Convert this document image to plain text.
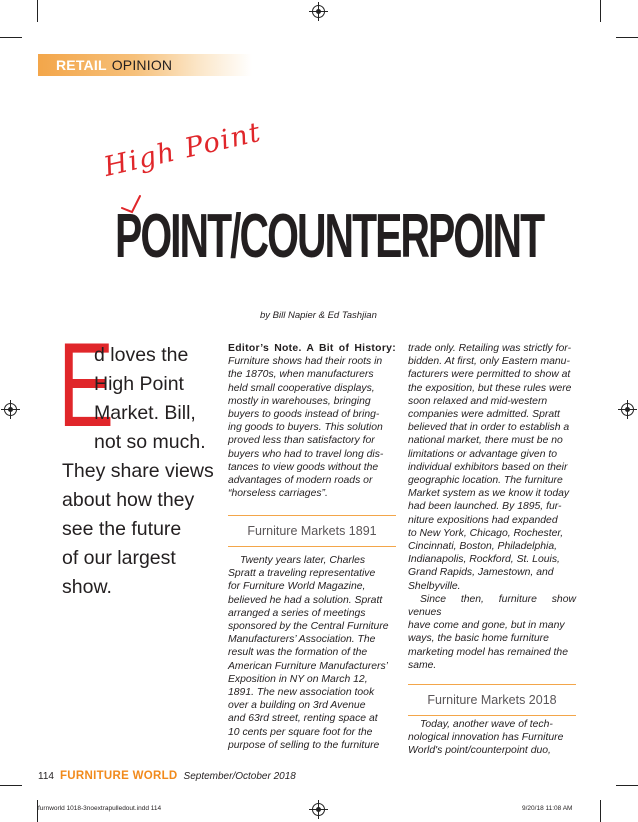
RETAIL OPINION
High Point
POINT/COUNTERPOINT
by Bill Napier & Ed Tashjian
E
d loves the
High Point
Market. Bill,
not so much.
They share views
about how they
see the future
of our largest
show.

Editor’s Note. A Bit of History: Furniture shows had their roots in
the 1870s, when manufacturers
held small cooperative displays,
mostly in warehouses, bringing
buyers to goods instead of bring-
ing goods to buyers. This solution
proved less than satisfactory for
buyers who had to travel long dis-
tances to view goods without the
advantages of modern roads or
“horseless carriages”.

Furniture Markets 1891

Twenty years later, Charles
Spratt a traveling representative
for Furniture World Magazine,
believed he had a solution. Spratt
arranged a series of meetings
sponsored by the Central Furniture
Manufacturers’ Association. The
result was the formation of the
American Furniture Manufacturers’
Exposition in NY on March 12,
1891. The new association took
over a building on 3rd Avenue
and 63rd street, renting space at
10 cents per square foot for the
purpose of selling to the furniture

trade only. Retailing was strictly for-
bidden. At first, only Eastern manu-
facturers were permitted to show at
the exposition, but these rules were
soon relaxed and mid-western
companies were admitted. Spratt
believed that in order to establish a
national market, there must be no
limitations or advantage given to
individual exhibitors based on their
geographic location. The furniture
Market system as we know it today
had been launched. By 1895, fur-
niture expositions had expanded
to New York, Chicago, Rochester,
Cincinnati, Boston, Philadelphia,
Indianapolis, Rockford, St. Louis,
Grand Rapids, Jamestown, and
Shelbyville.

Since then, furniture show venues
have come and gone, but in many
ways, the basic home furniture
marketing model has remained the
same.

Furniture Markets 2018

Today, another wave of tech-
nological innovation has Furniture
World's point/counterpoint duo,

114 FURNITURE WORLD September/October 2018
furnworld 1018-3noextrapulledout.indd 114	9/20/18 11:08 AM
